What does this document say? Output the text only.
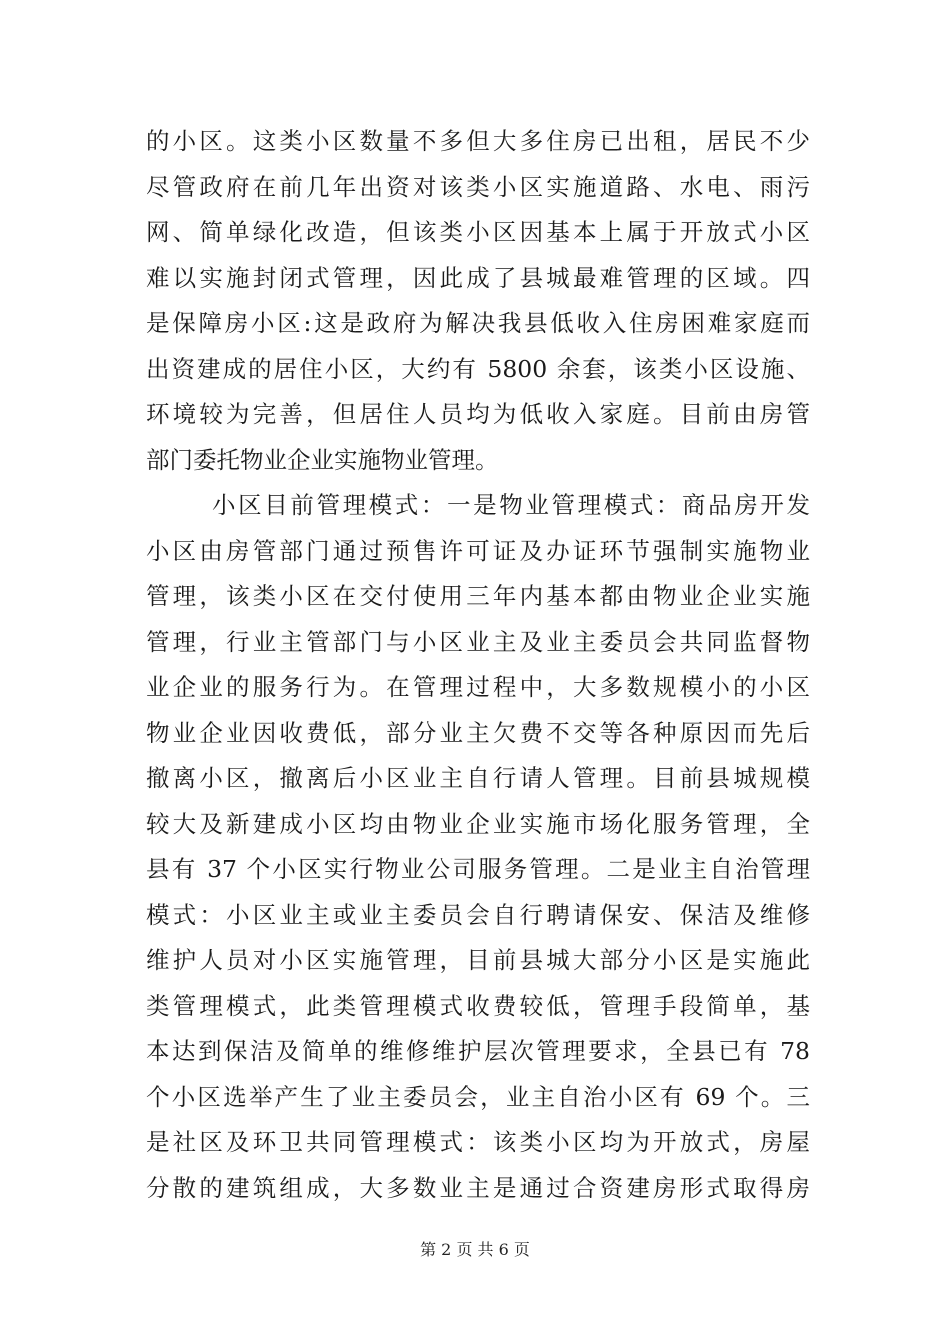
的小区。这类小区数量不多但大多住房已出租，居民不少
尽管政府在前几年出资对该类小区实施道路、水电、雨污
网、简单绿化改造，但该类小区因基本上属于开放式小区
难以实施封闭式管理，因此成了县城最难管理的区域。四
是保障房小区:这是政府为解决我县低收入住房困难家庭而
出资建成的居住小区，大约有 5800 余套，该类小区设施、
环境较为完善，但居住人员均为低收入家庭。目前由房管
部门委托物业企业实施物业管理。
小区目前管理模式：一是物业管理模式：商品房开发
小区由房管部门通过预售许可证及办证环节强制实施物业
管理，该类小区在交付使用三年内基本都由物业企业实施
管理，行业主管部门与小区业主及业主委员会共同监督物
业企业的服务行为。在管理过程中，大多数规模小的小区
物业企业因收费低，部分业主欠费不交等各种原因而先后
撤离小区，撤离后小区业主自行请人管理。目前县城规模
较大及新建成小区均由物业企业实施市场化服务管理，全
县有 37 个小区实行物业公司服务管理。二是业主自治管理
模式：小区业主或业主委员会自行聘请保安、保洁及维修
维护人员对小区实施管理，目前县城大部分小区是实施此
类管理模式，此类管理模式收费较低，管理手段简单，基
本达到保洁及简单的维修维护层次管理要求，全县已有 78
个小区选举产生了业主委员会，业主自治小区有 69 个。三
是社区及环卫共同管理模式：该类小区均为开放式，房屋
分散的建筑组成，大多数业主是通过合资建房形式取得房
第 2 页 共 6 页
